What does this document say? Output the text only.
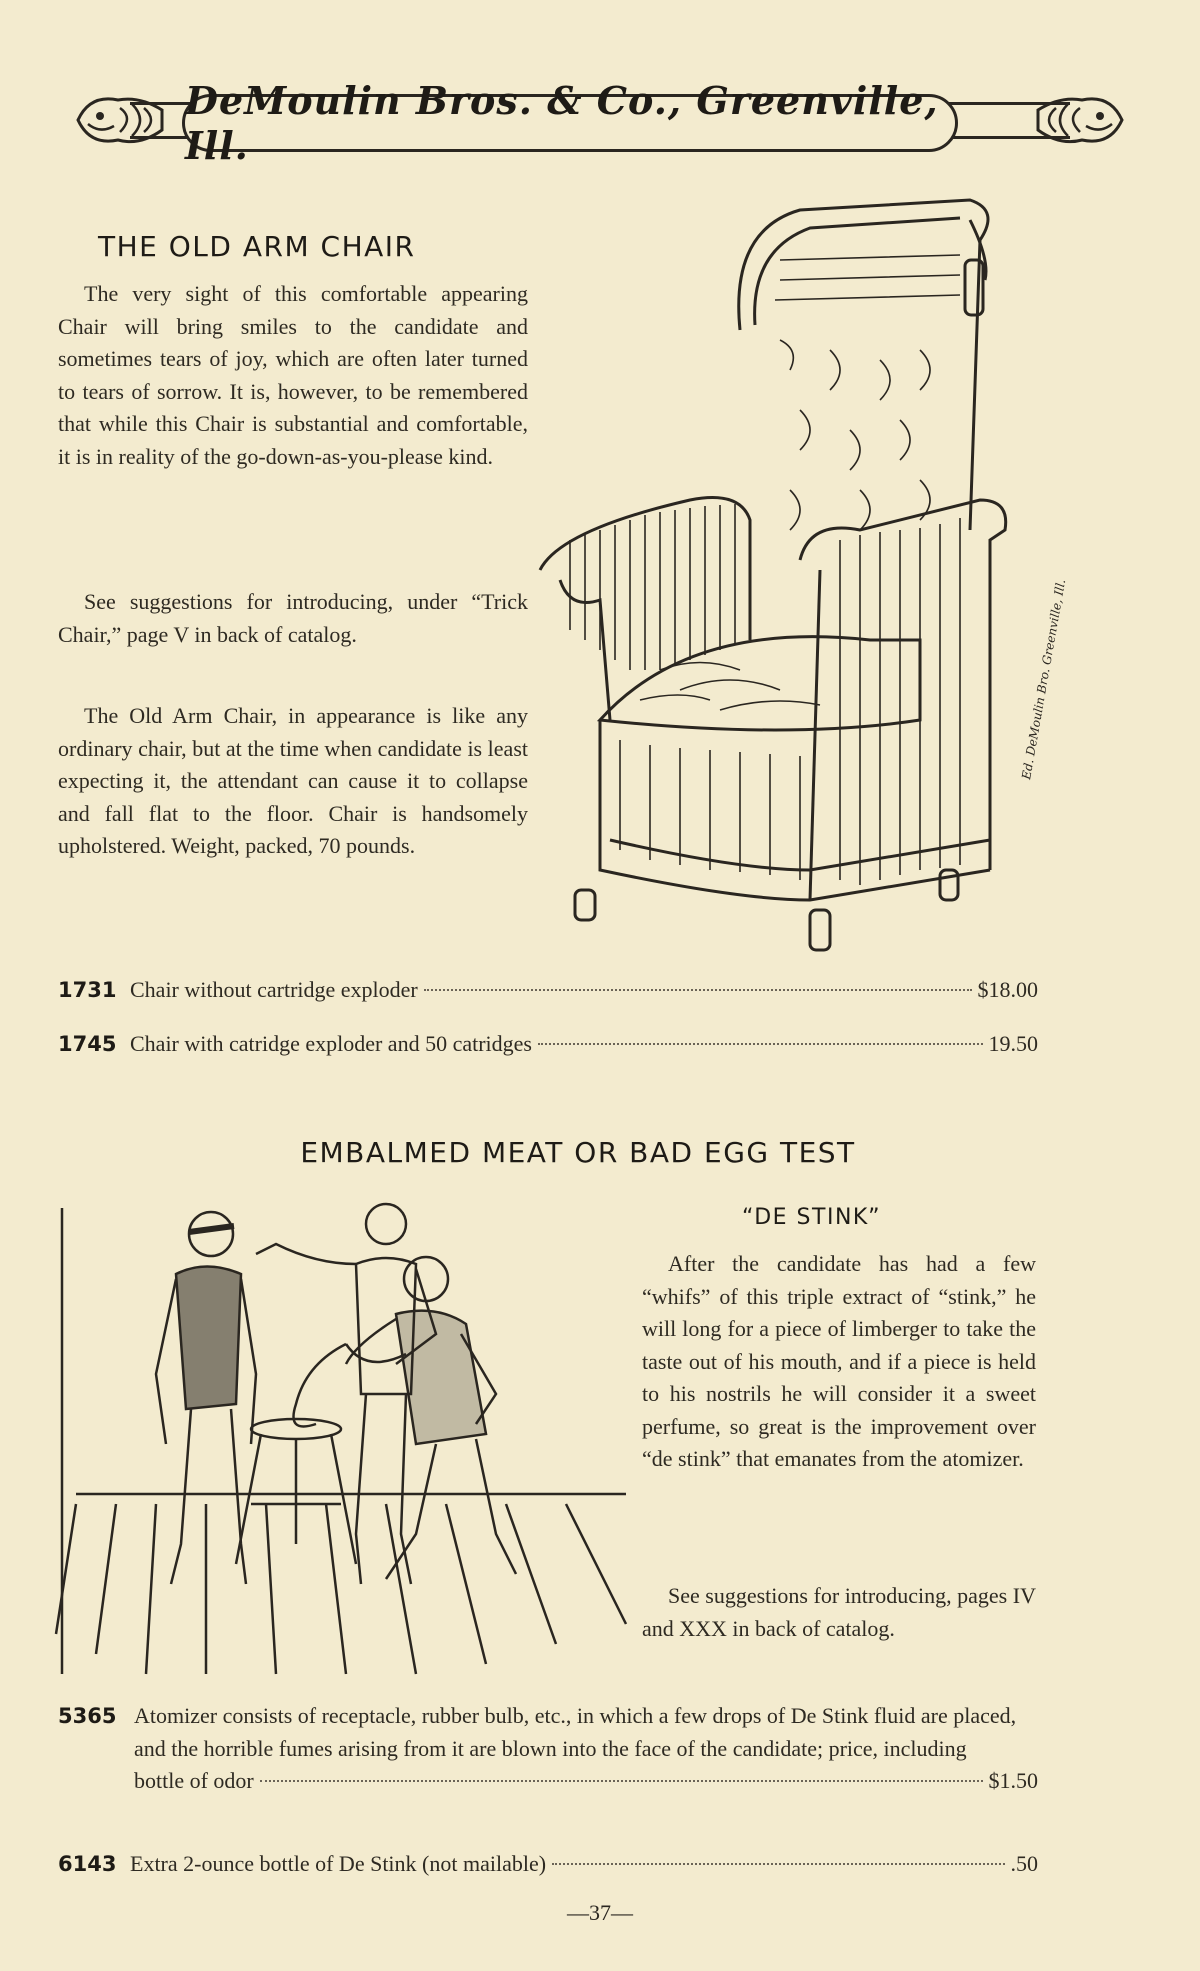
DeMoulin Bros. & Co., Greenville, Ill.
THE OLD ARM CHAIR

The very sight of this comfortable appearing Chair will bring smiles to the candidate and sometimes tears of joy, which are often later turned to tears of sorrow. It is, however, to be remembered that while this Chair is substantial and comfortable, it is in reality of the go-down-as-you-please kind.

See suggestions for introducing, under “Trick Chair,” page V in back of catalog.

The Old Arm Chair, in appearance is like any ordinary chair, but at the time when candidate is least expecting it, the attendant can cause it to collapse and fall flat to the floor. Chair is handsomely upholstered. Weight, packed, 70 pounds.

Ed. DeMoulin Bro. Greenville, Ill.
1731 Chair without cartridge exploder	$18.00
1745 Chair with catridge exploder and 50 catridges	19.50
EMBALMED MEAT OR BAD EGG TEST
“DE STINK”

After the candidate has had a few “whifs” of this triple extract of “stink,” he will long for a piece of limberger to take the taste out of his mouth, and if a piece is held to his nostrils he will consider it a sweet perfume, so great is the improvement over “de stink” that emanates from the atomizer.

See suggestions for introducing, pages IV and XXX in back of catalog.

5365 Atomizer consists of receptacle, rubber bulb, etc., in which a few drops of De Stink fluid are placed, and the horrible fumes arising from it are blown into the face of the candidate; price, including
bottle of odor	$1.50
6143 Extra 2-ounce bottle of De Stink (not mailable)	.50
—37—
